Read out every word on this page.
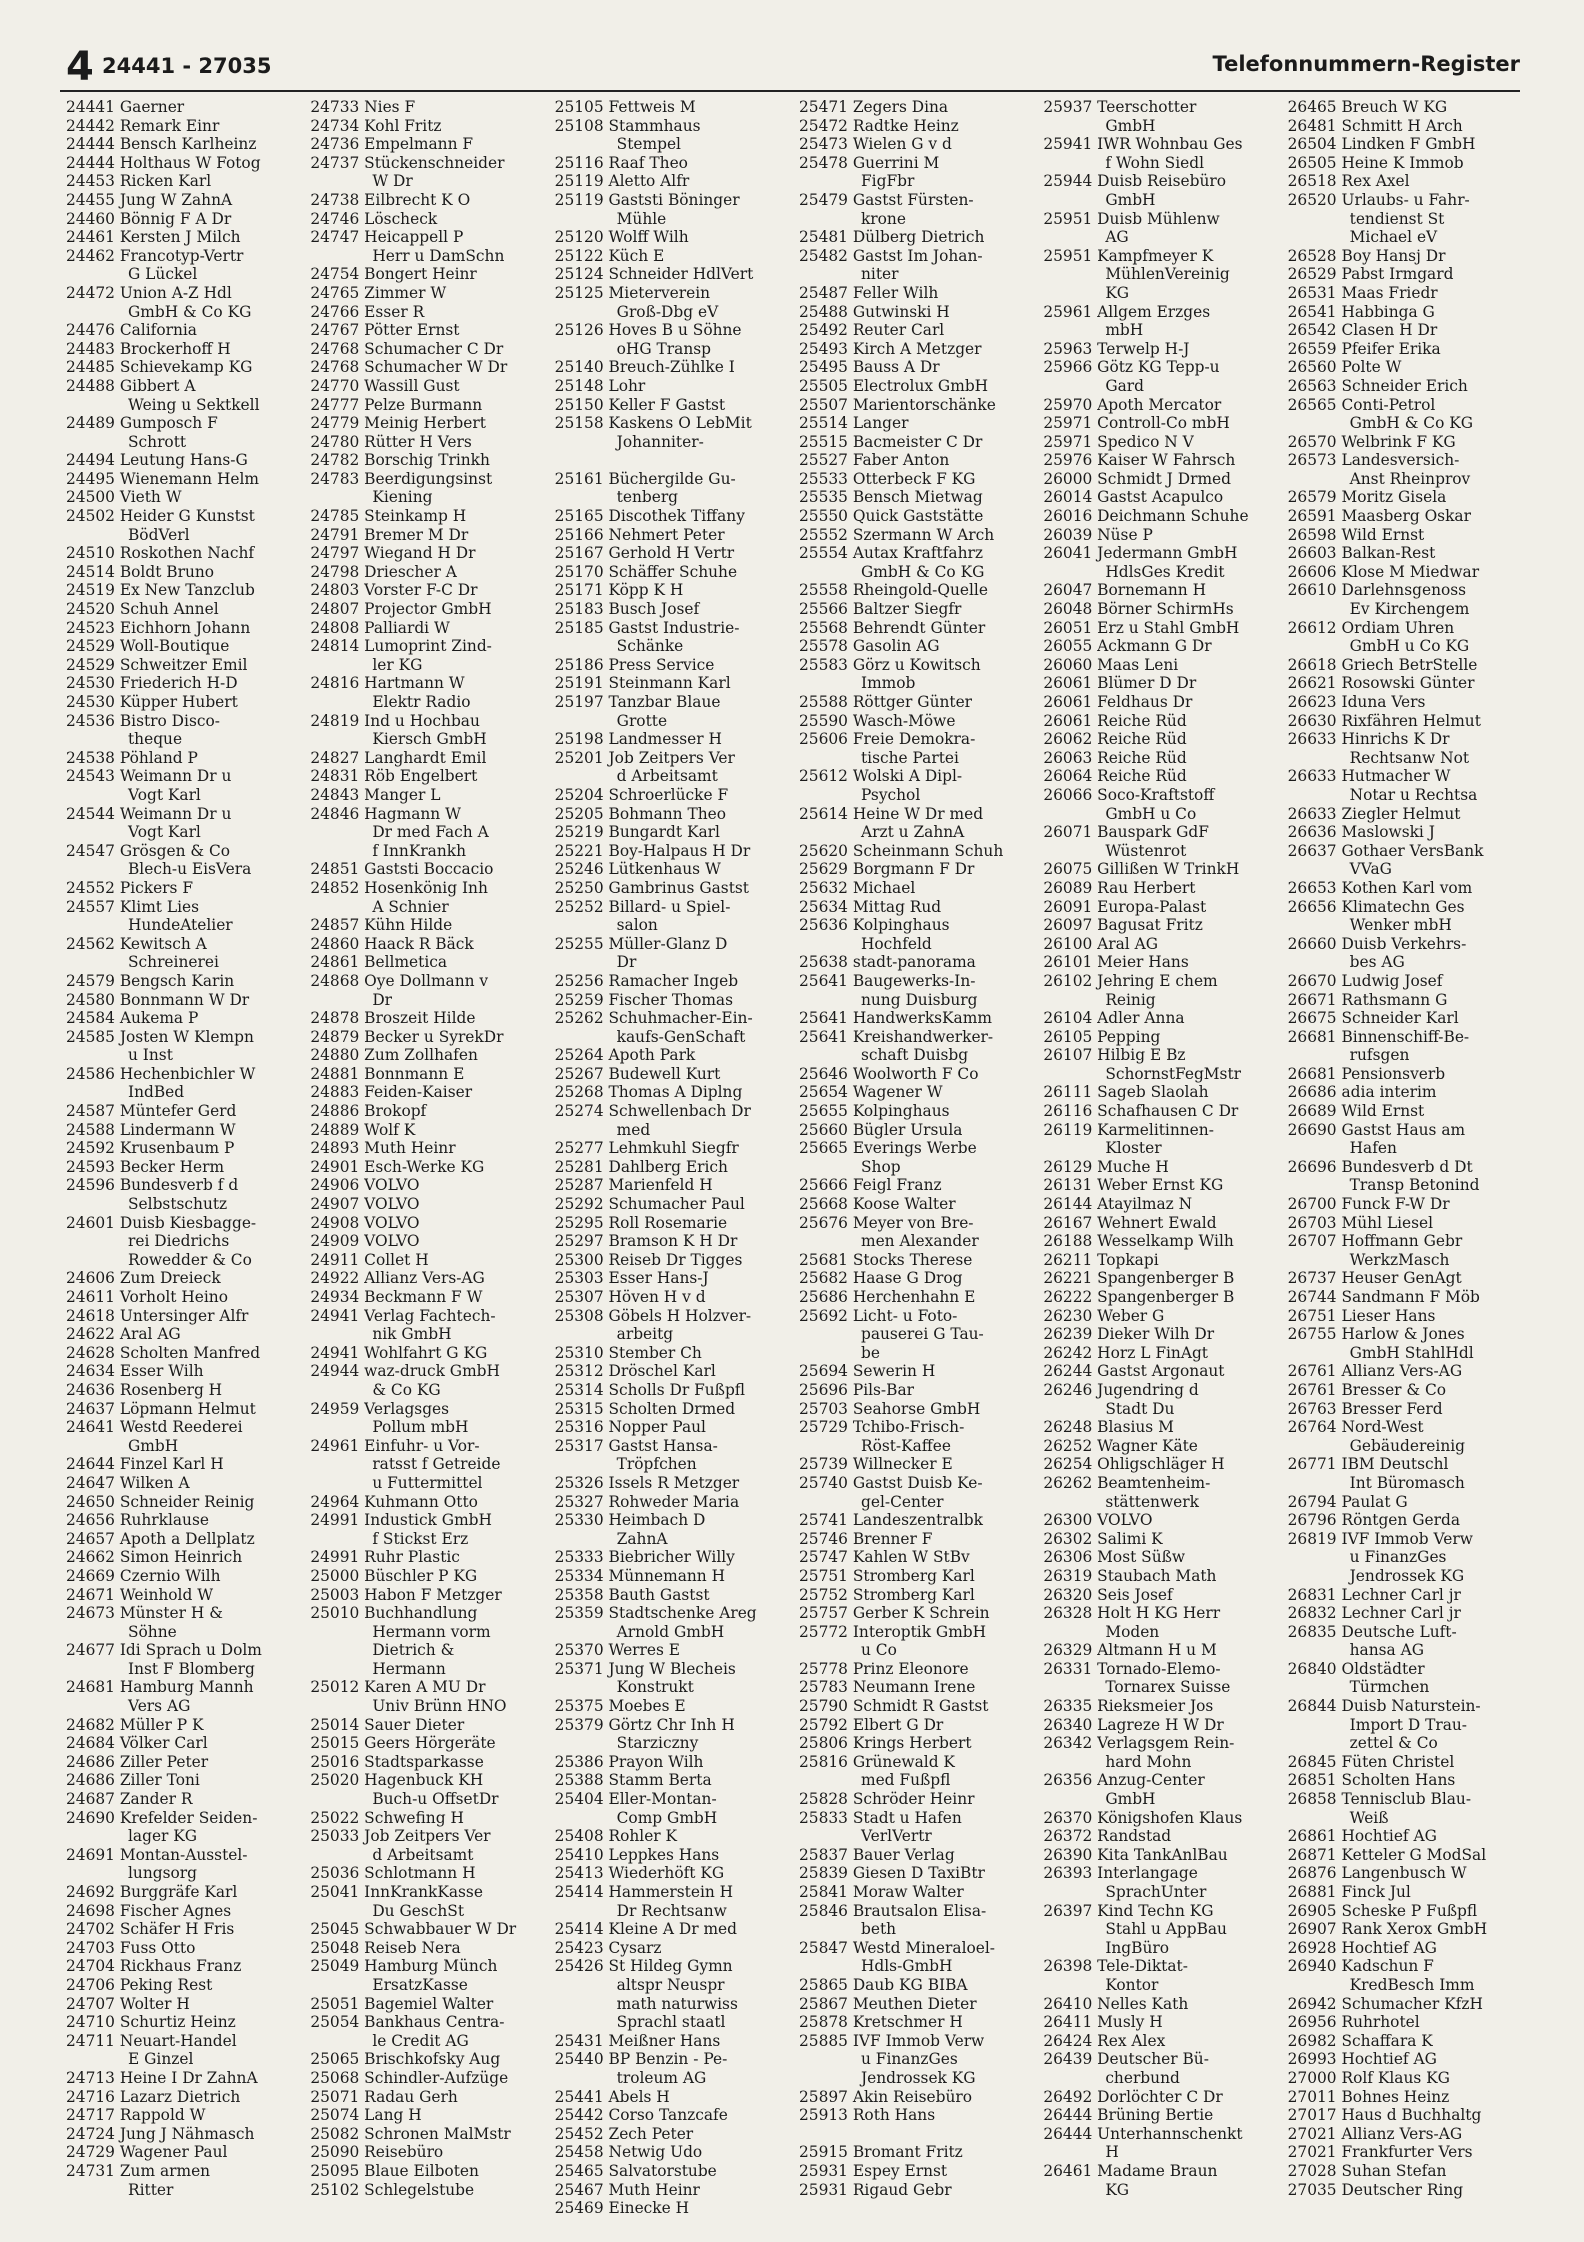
4 24441 - 27035	Telefonnummern-Register
24441 Gaerner
24442 Remark Einr
24444 Bensch Karlheinz
24444 Holthaus W Fotog
24453 Ricken Karl
24455 Jung W ZahnA
24460 Bönnig F A Dr
24461 Kersten J Milch
24462 Francotyp-Vertr
G Lückel
24472 Union A-Z Hdl
GmbH & Co KG
24476 California
24483 Brockerhoff H
24485 Schievekamp KG
24488 Gibbert A
Weing u Sektkell
24489 Gumposch F
Schrott
24494 Leutung Hans-G
24495 Wienemann Helm
24500 Vieth W
24502 Heider G Kunstst
BödVerl
24510 Roskothen Nachf
24514 Boldt Bruno
24519 Ex New Tanzclub
24520 Schuh Annel
24523 Eichhorn Johann
24529 Woll-Boutique
24529 Schweitzer Emil
24530 Friederich H-D
24530 Küpper Hubert
24536 Bistro Disco-
theque
24538 Pöhland P
24543 Weimann Dr u
Vogt Karl
24544 Weimann Dr u
Vogt Karl
24547 Grösgen & Co
Blech-u EisVera
24552 Pickers F
24557 Klimt Lies
HundeAtelier
24562 Kewitsch A
Schreinerei
24579 Bengsch Karin
24580 Bonnmann W Dr
24584 Aukema P
24585 Josten W Klempn
u Inst
24586 Hechenbichler W
IndBed
24587 Müntefer Gerd
24588 Lindermann W
24592 Krusenbaum P
24593 Becker Herm
24596 Bundesverb f d
Selbstschutz
24601 Duisb Kiesbagge-
rei Diedrichs
Rowedder & Co
24606 Zum Dreieck
24611 Vorholt Heino
24618 Untersinger Alfr
24622 Aral AG
24628 Scholten Manfred
24634 Esser Wilh
24636 Rosenberg H
24637 Löpmann Helmut
24641 Westd Reederei
GmbH
24644 Finzel Karl H
24647 Wilken A
24650 Schneider Reinig
24656 Ruhrklause
24657 Apoth a Dellplatz
24662 Simon Heinrich
24669 Czernio Wilh
24671 Weinhold W
24673 Münster H &
Söhne
24677 Idi Sprach u Dolm
Inst F Blomberg
24681 Hamburg Mannh
Vers AG
24682 Müller P K
24684 Völker Carl
24686 Ziller Peter
24686 Ziller Toni
24687 Zander R
24690 Krefelder Seiden-
lager KG
24691 Montan-Ausstel-
lungsorg
24692 Burggräfe Karl
24698 Fischer Agnes
24702 Schäfer H Fris
24703 Fuss Otto
24704 Rickhaus Franz
24706 Peking Rest
24707 Wolter H
24710 Schurtiz Heinz
24711 Neuart-Handel
E Ginzel
24713 Heine I Dr ZahnA
24716 Lazarz Dietrich
24717 Rappold W
24724 Jung J Nähmasch
24729 Wagener Paul
24731 Zum armen
Ritter
24733 Nies F
24734 Kohl Fritz
24736 Empelmann F
24737 Stückenschneider
W Dr
24738 Eilbrecht K O
24746 Löscheck
24747 Heicappell P
Herr u DamSchn
24754 Bongert Heinr
24765 Zimmer W
24766 Esser R
24767 Pötter Ernst
24768 Schumacher C Dr
24768 Schumacher W Dr
24770 Wassill Gust
24777 Pelze Burmann
24779 Meinig Herbert
24780 Rütter H Vers
24782 Borschig Trinkh
24783 Beerdigungsinst
Kiening
24785 Steinkamp H
24791 Bremer M Dr
24797 Wiegand H Dr
24798 Driescher A
24803 Vorster F-C Dr
24807 Projector GmbH
24808 Palliardi W
24814 Lumoprint Zind-
ler KG
24816 Hartmann W
Elektr Radio
24819 Ind u Hochbau
Kiersch GmbH
24827 Langhardt Emil
24831 Röb Engelbert
24843 Manger L
24846 Hagmann W
Dr med Fach A
f InnKrankh
24851 Gaststi Boccacio
24852 Hosenkönig Inh
A Schnier
24857 Kühn Hilde
24860 Haack R Bäck
24861 Bellmetica
24868 Oye Dollmann v
Dr
24878 Broszeit Hilde
24879 Becker u SyrekDr
24880 Zum Zollhafen
24881 Bonnmann E
24883 Feiden-Kaiser
24886 Brokopf
24889 Wolf K
24893 Muth Heinr
24901 Esch-Werke KG
24906 VOLVO
24907 VOLVO
24908 VOLVO
24909 VOLVO
24911 Collet H
24922 Allianz Vers-AG
24934 Beckmann F W
24941 Verlag Fachtech-
nik GmbH
24941 Wohlfahrt G KG
24944 waz-druck GmbH
& Co KG
24959 Verlagsges
Pollum mbH
24961 Einfuhr- u Vor-
ratsst f Getreide
u Futtermittel
24964 Kuhmann Otto
24991 Industick GmbH
f Stickst Erz
24991 Ruhr Plastic
25000 Büschler P KG
25003 Habon F Metzger
25010 Buchhandlung
Hermann vorm
Dietrich &
Hermann
25012 Karen A MU Dr
Univ Brünn HNO
25014 Sauer Dieter
25015 Geers Hörgeräte
25016 Stadtsparkasse
25020 Hagenbuck KH
Buch-u OffsetDr
25022 Schwefing H
25033 Job Zeitpers Ver
d Arbeitsamt
25036 Schlotmann H
25041 InnKrankKasse
Du GeschSt
25045 Schwabbauer W Dr
25048 Reiseb Nera
25049 Hamburg Münch
ErsatzKasse
25051 Bagemiel Walter
25054 Bankhaus Centra-
le Credit AG
25065 Brischkofsky Aug
25068 Schindler-Aufzüge
25071 Radau Gerh
25074 Lang H
25082 Schronen MalMstr
25090 Reisebüro
25095 Blaue Eilboten
25102 Schlegelstube
25105 Fettweis M
25108 Stammhaus
Stempel
25116 Raaf Theo
25119 Aletto Alfr
25119 Gaststi Böninger
Mühle
25120 Wolff Wilh
25122 Küch E
25124 Schneider HdlVert
25125 Mieterverein
Groß-Dbg eV
25126 Hoves B u Söhne
oHG Transp
25140 Breuch-Zühlke I
25148 Lohr
25150 Keller F Gastst
25158 Kaskens O LebMit
Johanniter-
25161 Büchergilde Gu-
tenberg
25165 Discothek Tiffany
25166 Nehmert Peter
25167 Gerhold H Vertr
25170 Schäffer Schuhe
25171 Köpp K H
25183 Busch Josef
25185 Gastst Industrie-
Schänke
25186 Press Service
25191 Steinmann Karl
25197 Tanzbar Blaue
Grotte
25198 Landmesser H
25201 Job Zeitpers Ver
d Arbeitsamt
25204 Schroerlücke F
25205 Bohmann Theo
25219 Bungardt Karl
25221 Boy-Halpaus H Dr
25246 Lütkenhaus W
25250 Gambrinus Gastst
25252 Billard- u Spiel-
salon
25255 Müller-Glanz D
Dr
25256 Ramacher Ingeb
25259 Fischer Thomas
25262 Schuhmacher-Ein-
kaufs-GenSchaft
25264 Apoth Park
25267 Budewell Kurt
25268 Thomas A Diplng
25274 Schwellenbach Dr
med
25277 Lehmkuhl Siegfr
25281 Dahlberg Erich
25287 Marienfeld H
25292 Schumacher Paul
25295 Roll Rosemarie
25297 Bramson K H Dr
25300 Reiseb Dr Tigges
25303 Esser Hans-J
25307 Höven H v d
25308 Göbels H Holzver-
arbeitg
25310 Stember Ch
25312 Dröschel Karl
25314 Scholls Dr Fußpfl
25315 Scholten Drmed
25316 Nopper Paul
25317 Gastst Hansa-
Tröpfchen
25326 Issels R Metzger
25327 Rohweder Maria
25330 Heimbach D
ZahnA
25333 Biebricher Willy
25334 Münnemann H
25358 Bauth Gastst
25359 Stadtschenke Areg
Arnold GmbH
25370 Werres E
25371 Jung W Blecheis
Konstrukt
25375 Moebes E
25379 Görtz Chr Inh H
Starziczny
25386 Prayon Wilh
25388 Stamm Berta
25404 Eller-Montan-
Comp GmbH
25408 Rohler K
25410 Leppkes Hans
25413 Wiederhöft KG
25414 Hammerstein H
Dr Rechtsanw
25414 Kleine A Dr med
25423 Cysarz
25426 St Hildeg Gymn
altspr Neuspr
math naturwiss
Sprachl staatl
25431 Meißner Hans
25440 BP Benzin - Pe-
troleum AG
25441 Abels H
25442 Corso Tanzcafe
25452 Zech Peter
25458 Netwig Udo
25465 Salvatorstube
25467 Muth Heinr
25469 Einecke H
25471 Zegers Dina
25472 Radtke Heinz
25473 Wielen G v d
25478 Guerrini M
FigFbr
25479 Gastst Fürsten-
krone
25481 Dülberg Dietrich
25482 Gastst Im Johan-
niter
25487 Feller Wilh
25488 Gutwinski H
25492 Reuter Carl
25493 Kirch A Metzger
25495 Bauss A Dr
25505 Electrolux GmbH
25507 Marientorschänke
25514 Langer
25515 Bacmeister C Dr
25527 Faber Anton
25533 Otterbeck F KG
25535 Bensch Mietwag
25550 Quick Gaststätte
25552 Szermann W Arch
25554 Autax Kraftfahrz
GmbH & Co KG
25558 Rheingold-Quelle
25566 Baltzer Siegfr
25568 Behrendt Günter
25578 Gasolin AG
25583 Görz u Kowitsch
Immob
25588 Röttger Günter
25590 Wasch-Möwe
25606 Freie Demokra-
tische Partei
25612 Wolski A Dipl-
Psychol
25614 Heine W Dr med
Arzt u ZahnA
25620 Scheinmann Schuh
25629 Borgmann F Dr
25632 Michael
25634 Mittag Rud
25636 Kolpinghaus
Hochfeld
25638 stadt-panorama
25641 Baugewerks-In-
nung Duisburg
25641 HandwerksKamm
25641 Kreishandwerker-
schaft Duisbg
25646 Woolworth F Co
25654 Wagener W
25655 Kolpinghaus
25660 Bügler Ursula
25665 Everings Werbe
Shop
25666 Feigl Franz
25668 Koose Walter
25676 Meyer von Bre-
men Alexander
25681 Stocks Therese
25682 Haase G Drog
25686 Herchenhahn E
25692 Licht- u Foto-
pauserei G Tau-
be
25694 Sewerin H
25696 Pils-Bar
25703 Seahorse GmbH
25729 Tchibo-Frisch-
Röst-Kaffee
25739 Willnecker E
25740 Gastst Duisb Ke-
gel-Center
25741 Landeszentralbk
25746 Brenner F
25747 Kahlen W StBv
25751 Stromberg Karl
25752 Stromberg Karl
25757 Gerber K Schrein
25772 Interoptik GmbH
u Co
25778 Prinz Eleonore
25783 Neumann Irene
25790 Schmidt R Gastst
25792 Elbert G Dr
25806 Krings Herbert
25816 Grünewald K
med Fußpfl
25828 Schröder Heinr
25833 Stadt u Hafen
VerlVertr
25837 Bauer Verlag
25839 Giesen D TaxiBtr
25841 Moraw Walter
25846 Brautsalon Elisa-
beth
25847 Westd Mineraloel-
Hdls-GmbH
25865 Daub KG BIBA
25867 Meuthen Dieter
25878 Kretschmer H
25885 IVF Immob Verw
u FinanzGes
Jendrossek KG
25897 Akin Reisebüro
25913 Roth Hans
25915 Bromant Fritz
25931 Espey Ernst
25931 Rigaud Gebr
25937 Teerschotter
GmbH
25941 IWR Wohnbau Ges
f Wohn Siedl
25944 Duisb Reisebüro
GmbH
25951 Duisb Mühlenw
AG
25951 Kampfmeyer K
MühlenVereinig
KG
25961 Allgem Erzges
mbH
25963 Terwelp H-J
25966 Götz KG Tepp-u
Gard
25970 Apoth Mercator
25971 Controll-Co mbH
25971 Spedico N V
25976 Kaiser W Fahrsch
26000 Schmidt J Drmed
26014 Gastst Acapulco
26016 Deichmann Schuhe
26039 Nüse P
26041 Jedermann GmbH
HdlsGes Kredit
26047 Bornemann H
26048 Börner SchirmHs
26051 Erz u Stahl GmbH
26055 Ackmann G Dr
26060 Maas Leni
26061 Blümer D Dr
26061 Feldhaus Dr
26061 Reiche Rüd
26062 Reiche Rüd
26063 Reiche Rüd
26064 Reiche Rüd
26066 Soco-Kraftstoff
GmbH u Co
26071 Bauspark GdF
Wüstenrot
26075 Gillißen W TrinkH
26089 Rau Herbert
26091 Europa-Palast
26097 Bagusat Fritz
26100 Aral AG
26101 Meier Hans
26102 Jehring E chem
Reinig
26104 Adler Anna
26105 Pepping
26107 Hilbig E Bz
SchornstFegMstr
26111 Sageb Slaolah
26116 Schafhausen C Dr
26119 Karmelitinnen-
Kloster
26129 Muche H
26131 Weber Ernst KG
26144 Atayilmaz N
26167 Wehnert Ewald
26188 Wesselkamp Wilh
26211 Topkapi
26221 Spangenberger B
26222 Spangenberger B
26230 Weber G
26239 Dieker Wilh Dr
26242 Horz L FinAgt
26244 Gastst Argonaut
26246 Jugendring d
Stadt Du
26248 Blasius M
26252 Wagner Käte
26254 Ohligschläger H
26262 Beamtenheim-
stättenwerk
26300 VOLVO
26302 Salimi K
26306 Most Süßw
26319 Staubach Math
26320 Seis Josef
26328 Holt H KG Herr
Moden
26329 Altmann H u M
26331 Tornado-Elemo-
Tornarex Suisse
26335 Rieksmeier Jos
26340 Lagreze H W Dr
26342 Verlagsgem Rein-
hard Mohn
26356 Anzug-Center
GmbH
26370 Königshofen Klaus
26372 Randstad
26390 Kita TankAnlBau
26393 Interlangage
SprachUnter
26397 Kind Techn KG
Stahl u AppBau
IngBüro
26398 Tele-Diktat-
Kontor
26410 Nelles Kath
26411 Musly H
26424 Rex Alex
26439 Deutscher Bü-
cherbund
26492 Dorlöchter C Dr
26444 Brüning Bertie
26444 Unterhannschenkt
H
26461 Madame Braun
KG
26465 Breuch W KG
26481 Schmitt H Arch
26504 Lindken F GmbH
26505 Heine K Immob
26518 Rex Axel
26520 Urlaubs- u Fahr-
tendienst St
Michael eV
26528 Boy Hansj Dr
26529 Pabst Irmgard
26531 Maas Friedr
26541 Habbinga G
26542 Clasen H Dr
26559 Pfeifer Erika
26560 Polte W
26563 Schneider Erich
26565 Conti-Petrol
GmbH & Co KG
26570 Welbrink F KG
26573 Landesversich-
Anst Rheinprov
26579 Moritz Gisela
26591 Maasberg Oskar
26598 Wild Ernst
26603 Balkan-Rest
26606 Klose M Miedwar
26610 Darlehnsgenoss
Ev Kirchengem
26612 Ordiam Uhren
GmbH u Co KG
26618 Griech BetrStelle
26621 Rosowski Günter
26623 Iduna Vers
26630 Rixfähren Helmut
26633 Hinrichs K Dr
Rechtsanw Not
26633 Hutmacher W
Notar u Rechtsa
26633 Ziegler Helmut
26636 Maslowski J
26637 Gothaer VersBank
VVaG
26653 Kothen Karl vom
26656 Klimatechn Ges
Wenker mbH
26660 Duisb Verkehrs-
bes AG
26670 Ludwig Josef
26671 Rathsmann G
26675 Schneider Karl
26681 Binnenschiff-Be-
rufsgen
26681 Pensionsverb
26686 adia interim
26689 Wild Ernst
26690 Gastst Haus am
Hafen
26696 Bundesverb d Dt
Transp Betonind
26700 Funck F-W Dr
26703 Mühl Liesel
26707 Hoffmann Gebr
WerkzMasch
26737 Heuser GenAgt
26744 Sandmann F Möb
26751 Lieser Hans
26755 Harlow & Jones
GmbH StahlHdl
26761 Allianz Vers-AG
26761 Bresser & Co
26763 Bresser Ferd
26764 Nord-West
Gebäudereinig
26771 IBM Deutschl
Int Büromasch
26794 Paulat G
26796 Röntgen Gerda
26819 IVF Immob Verw
u FinanzGes
Jendrossek KG
26831 Lechner Carl jr
26832 Lechner Carl jr
26835 Deutsche Luft-
hansa AG
26840 Oldstädter
Türmchen
26844 Duisb Naturstein-
Import D Trau-
zettel & Co
26845 Füten Christel
26851 Scholten Hans
26858 Tennisclub Blau-
Weiß
26861 Hochtief AG
26871 Ketteler G ModSal
26876 Langenbusch W
26881 Finck Jul
26905 Scheske P Fußpfl
26907 Rank Xerox GmbH
26928 Hochtief AG
26940 Kadschun F
KredBesch Imm
26942 Schumacher KfzH
26956 Ruhrhotel
26982 Schaffara K
26993 Hochtief AG
27000 Rolf Klaus KG
27011 Bohnes Heinz
27017 Haus d Buchhaltg
27021 Allianz Vers-AG
27021 Frankfurter Vers
27028 Suhan Stefan
27035 Deutscher Ring
